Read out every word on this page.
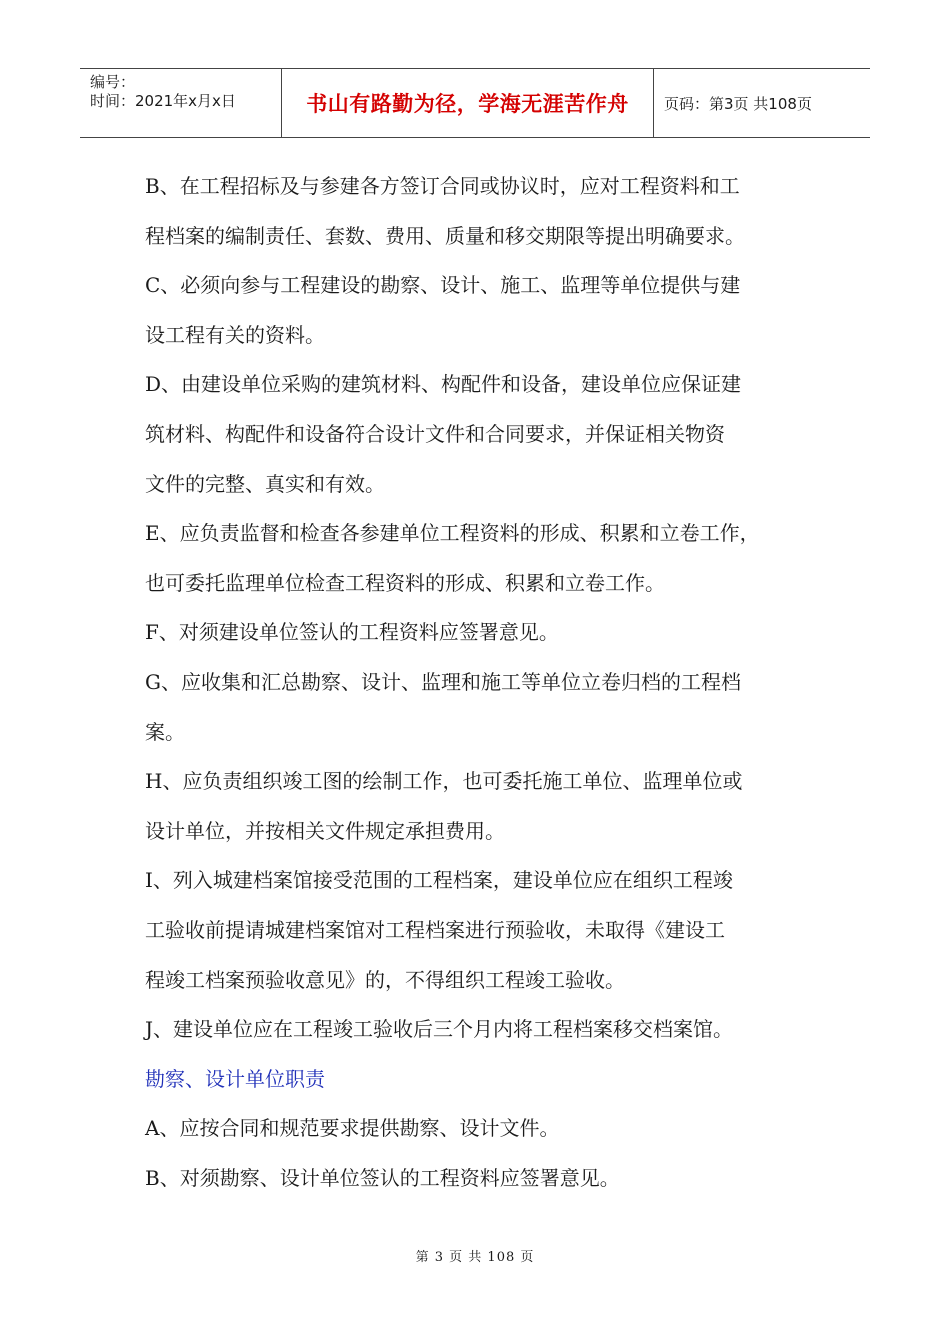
编号：
时间：2021年x月x日	书山有路勤为径，学海无涯苦作舟	页码：第3页 共108页
B、在工程招标及与参建各方签订合同或协议时，应对工程资料和工
程档案的编制责任、套数、费用、质量和移交期限等提出明确要求。
C、必须向参与工程建设的勘察、设计、施工、监理等单位提供与建
设工程有关的资料。
D、由建设单位采购的建筑材料、构配件和设备，建设单位应保证建
筑材料、构配件和设备符合设计文件和合同要求，并保证相关物资
文件的完整、真实和有效。
E、应负责监督和检查各参建单位工程资料的形成、积累和立卷工作，
也可委托监理单位检查工程资料的形成、积累和立卷工作。
F、对须建设单位签认的工程资料应签署意见。
G、应收集和汇总勘察、设计、监理和施工等单位立卷归档的工程档
案。
H、应负责组织竣工图的绘制工作，也可委托施工单位、监理单位或
设计单位，并按相关文件规定承担费用。
I、列入城建档案馆接受范围的工程档案，建设单位应在组织工程竣
工验收前提请城建档案馆对工程档案进行预验收，未取得《建设工
程竣工档案预验收意见》的，不得组织工程竣工验收。
J、建设单位应在工程竣工验收后三个月内将工程档案移交档案馆。
勘察、设计单位职责
A、应按合同和规范要求提供勘察、设计文件。
B、对须勘察、设计单位签认的工程资料应签署意见。
第 3 页 共 108 页
